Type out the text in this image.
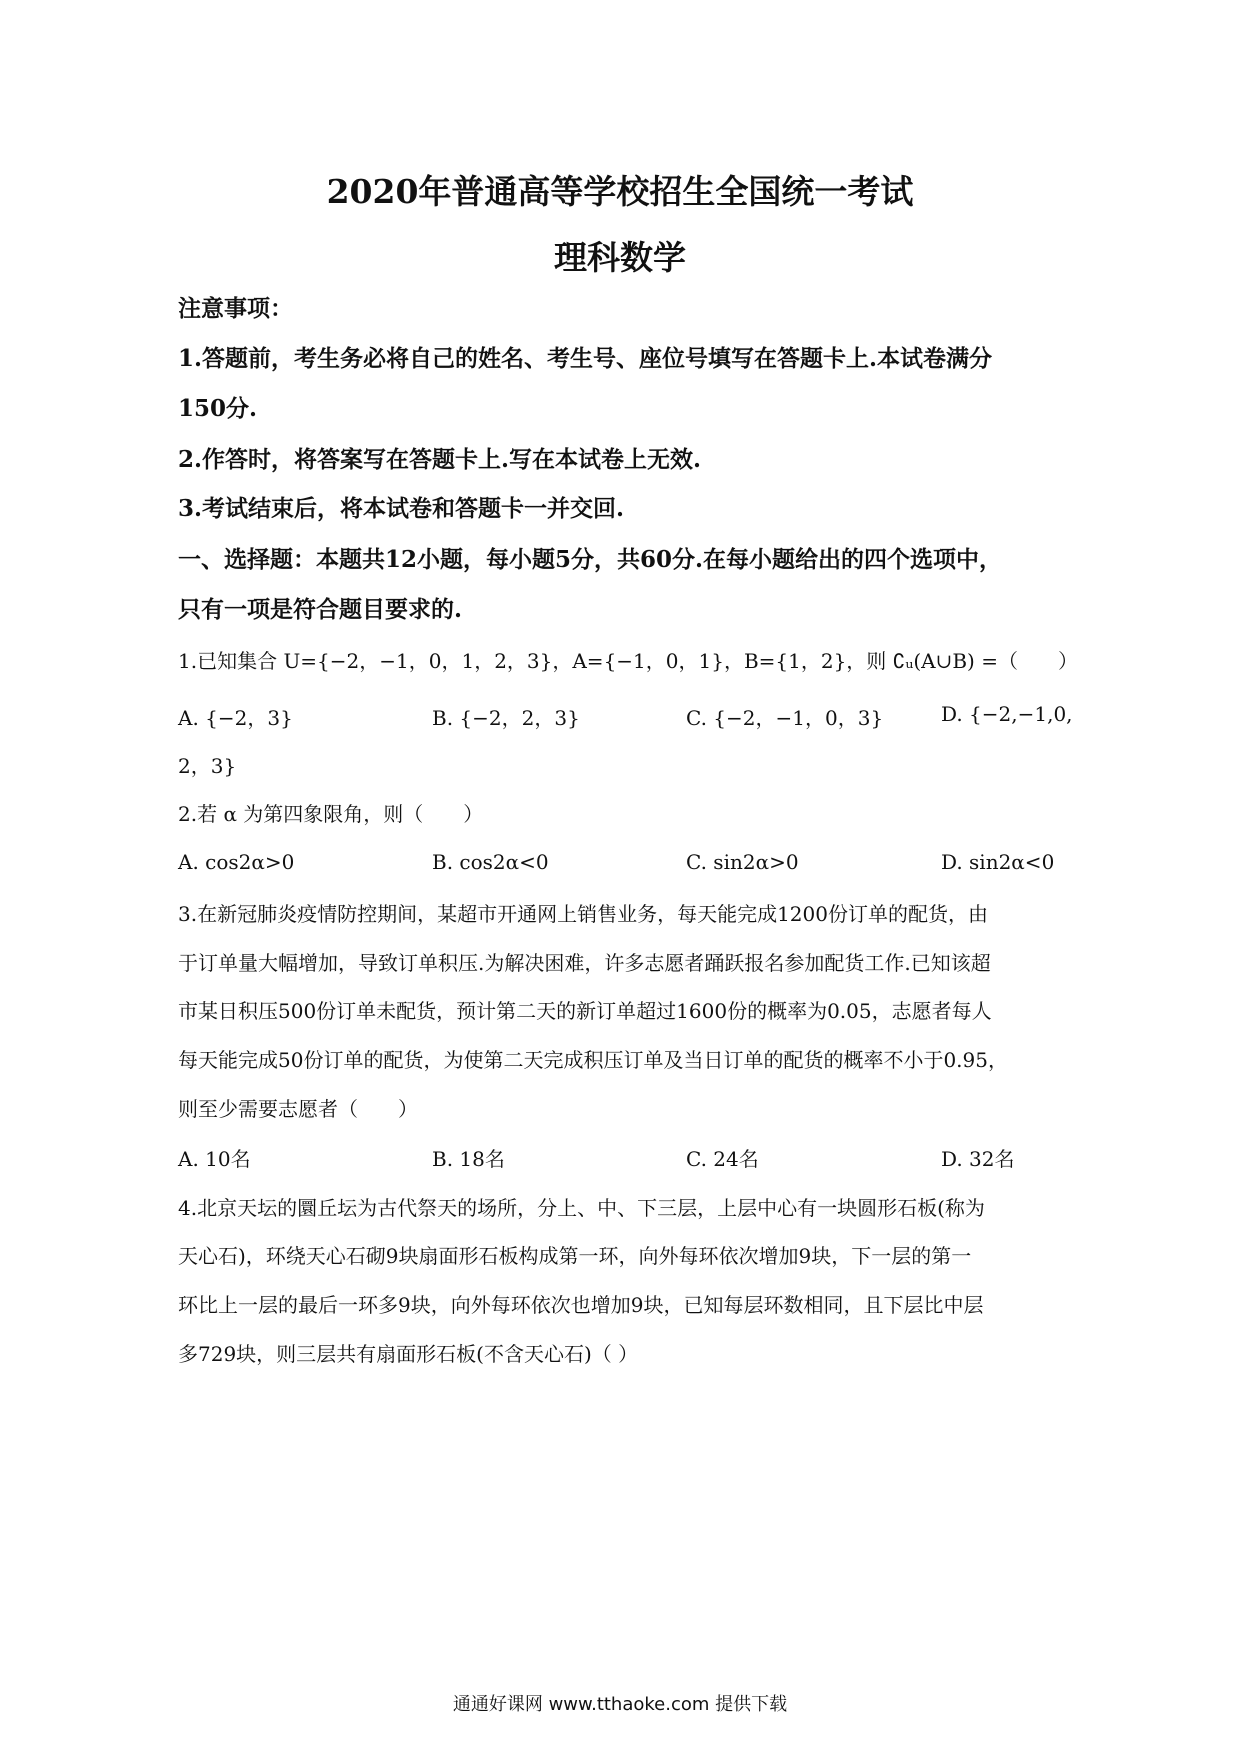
2020年普通高等学校招生全国统一考试
理科数学
注意事项：
1.答题前，考生务必将自己的姓名、考生号、座位号填写在答题卡上.本试卷满分
150分.
2.作答时，将答案写在答题卡上.写在本试卷上无效.
3.考试结束后，将本试卷和答题卡一并交回.
一、选择题：本题共12小题，每小题5分，共60分.在每小题给出的四个选项中，
只有一项是符合题目要求的.
1.已知集合 U={−2，−1，0，1，2，3}，A={−1，0，1}，B={1，2}，则 ∁ᵤ(A∪B) =（　　）
A. {−2，3}	B. {−2，2，3}	C. {−2，−1，0，3}	D. {−2,−1,0,
2，3}
2.若 α 为第四象限角，则（　　）
A. cos2α>0	B. cos2α<0	C. sin2α>0	D. sin2α<0
3.在新冠肺炎疫情防控期间，某超市开通网上销售业务，每天能完成1200份订单的配货，由
于订单量大幅增加，导致订单积压.为解决困难，许多志愿者踊跃报名参加配货工作.已知该超
市某日积压500份订单未配货，预计第二天的新订单超过1600份的概率为0.05，志愿者每人
每天能完成50份订单的配货，为使第二天完成积压订单及当日订单的配货的概率不小于0.95，
则至少需要志愿者（　　）
A. 10名	B. 18名	C. 24名	D. 32名
4.北京天坛的圜丘坛为古代祭天的场所，分上、中、下三层，上层中心有一块圆形石板(称为
天心石)，环绕天心石砌9块扇面形石板构成第一环，向外每环依次增加9块，下一层的第一
环比上一层的最后一环多9块，向外每环依次也增加9块，已知每层环数相同，且下层比中层
多729块，则三层共有扇面形石板(不含天心石)（ ）
通通好课网 www.tthaoke.com 提供下载
